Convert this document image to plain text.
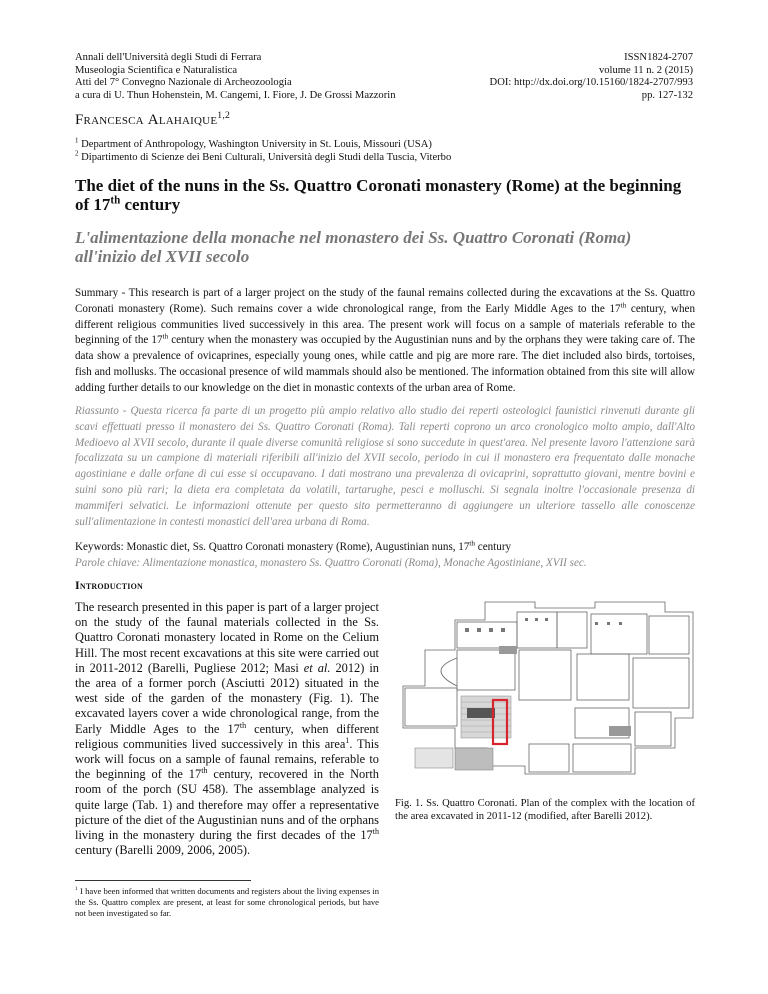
Annali dell'Università degli Studi di Ferrara
Museologia Scientifica e Naturalistica
Atti del 7° Convegno Nazionale di Archeozoologia
a cura di U. Thun Hohenstein, M. Cangemi, I. Fiore, J. De Grossi Mazzorin
ISSN1824-2707
volume 11 n. 2 (2015)
DOI: http://dx.doi.org/10.15160/1824-2707/993
pp. 127-132
Francesca Alahaique$^{1,2}$
$^1$ Department of Anthropology, Washington University in St. Louis, Missouri (USA)
$^2$ Dipartimento di Scienze dei Beni Culturali, Università degli Studi della Tuscia, Viterbo
The diet of the nuns in the Ss. Quattro Coronati monastery (Rome) at the beginning of 17th century
L'alimentazione della monache nel monastero dei Ss. Quattro Coronati (Roma) all'inizio del XVII secolo
Summary - This research is part of a larger project on the study of the faunal remains collected during the excavations at the Ss. Quattro Coronati monastery (Rome). Such remains cover a wide chronological range, from the Early Middle Ages to the 17th century, when different religious communities lived successively in this area. The present work will focus on a sample of materials referable to the beginning of the 17th century when the monastery was occupied by the Augustinian nuns and by the orphans they were taking care of. The data show a prevalence of ovicaprines, especially young ones, while cattle and pig are more rare. The diet included also birds, tortoises, fish and mollusks. The occasional presence of wild mammals should also be mentioned. The information obtained from this site will allow adding further details to our knowledge on the diet in monastic contexts of the urban area of Rome.
Riassunto - Questa ricerca fa parte di un progetto più ampio relativo allo studio dei reperti osteologici faunistici rinvenuti durante gli scavi effettuati presso il monastero dei Ss. Quattro Coronati (Roma). Tali reperti coprono un arco cronologico molto ampio, dall'Alto Medioevo al XVII secolo, durante il quale diverse comunità religiose si sono succedute in quest'area. Nel presente lavoro l'attenzione sarà focalizzata su un campione di materiali riferibili all'inizio del XVII secolo, periodo in cui il monastero era frequentato dalle monache agostiniane e dalle orfane di cui esse si occupavano. I dati mostrano una prevalenza di ovicaprini, soprattutto giovani, mentre bovini e suini sono più rari; la dieta era completata da volatili, tartarughe, pesci e molluschi. Si segnala inoltre l'occasionale presenza di mammiferi selvatici. Le informazioni ottenute per questo sito permetteranno di aggiungere un ulteriore tassello alle conoscenze sull'alimentazione in contesti monastici dell'area urbana di Roma.
Keywords: Monastic diet, Ss. Quattro Coronati monastery (Rome), Augustinian nuns, 17th century
Parole chiave: Alimentazione monastica, monastero Ss. Quattro Coronati (Roma), Monache Agostiniane, XVII sec.
Introduction
The research presented in this paper is part of a larger project on the study of the faunal materials collected in the Ss. Quattro Coronati monastery located in Rome on the Celium Hill. The most recent excavations at this site were carried out in 2011-2012 (Barelli, Pugliese 2012; Masi et al. 2012) in the area of a former porch (Asciutti 2012) situated in the west side of the garden of the monastery (Fig. 1). The excavated layers cover a wide chronological range, from the Early Middle Ages to the 17th century, when different religious communities lived successively in this area$^1$. This work will focus on a sample of faunal remains, referable to the beginning of the 17th century, recovered in the North room of the porch (SU 458). The assemblage analyzed is quite large (Tab. 1) and therefore may offer a representative picture of the diet of the Augustinian nuns and of the orphans living in the monastery during the first decades of the 17th century (Barelli 2009, 2006, 2005).
$^1$ I have been informed that written documents and registers about the living expenses in the Ss. Quattro complex are present, at least for some chronological periods, but have not been investigated so far.
Fig. 1. Ss. Quattro Coronati. Plan of the complex with the location of the area excavated in 2011-12 (modified, after Barelli 2012).
